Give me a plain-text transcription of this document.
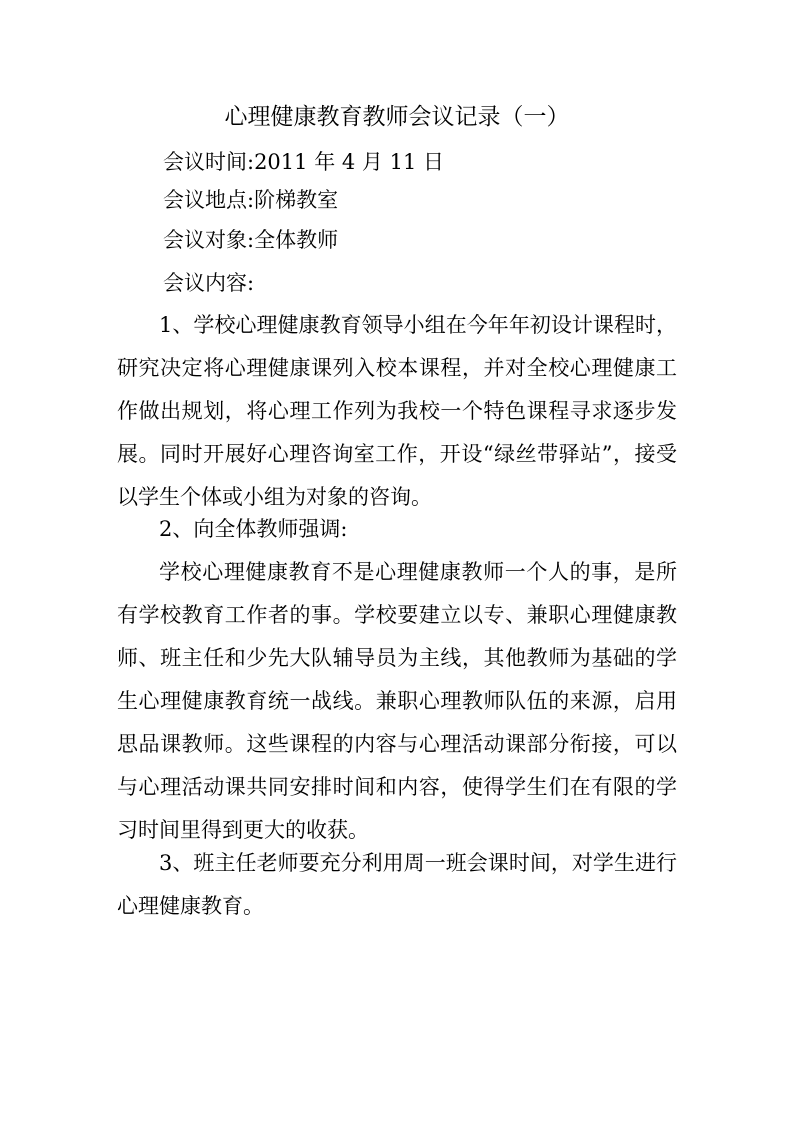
心理健康教育教师会议记录（一）
会议时间:2011 年 4 月 11 日
会议地点:阶梯教室
会议对象:全体教师
会议内容:

1、学校心理健康教育领导小组在今年年初设计课程时，研究决定将心理健康课列入校本课程，并对全校心理健康工作做出规划，将心理工作列为我校一个特色课程寻求逐步发展。同时开展好心理咨询室工作，开设“绿丝带驿站”，接受以学生个体或小组为对象的咨询。

2、向全体教师强调:

学校心理健康教育不是心理健康教师一个人的事，是所有学校教育工作者的事。学校要建立以专、兼职心理健康教师、班主任和少先大队辅导员为主线，其他教师为基础的学生心理健康教育统一战线。兼职心理教师队伍的来源，启用思品课教师。这些课程的内容与心理活动课部分衔接，可以与心理活动课共同安排时间和内容，使得学生们在有限的学习时间里得到更大的收获。

3、班主任老师要充分利用周一班会课时间，对学生进行心理健康教育。
